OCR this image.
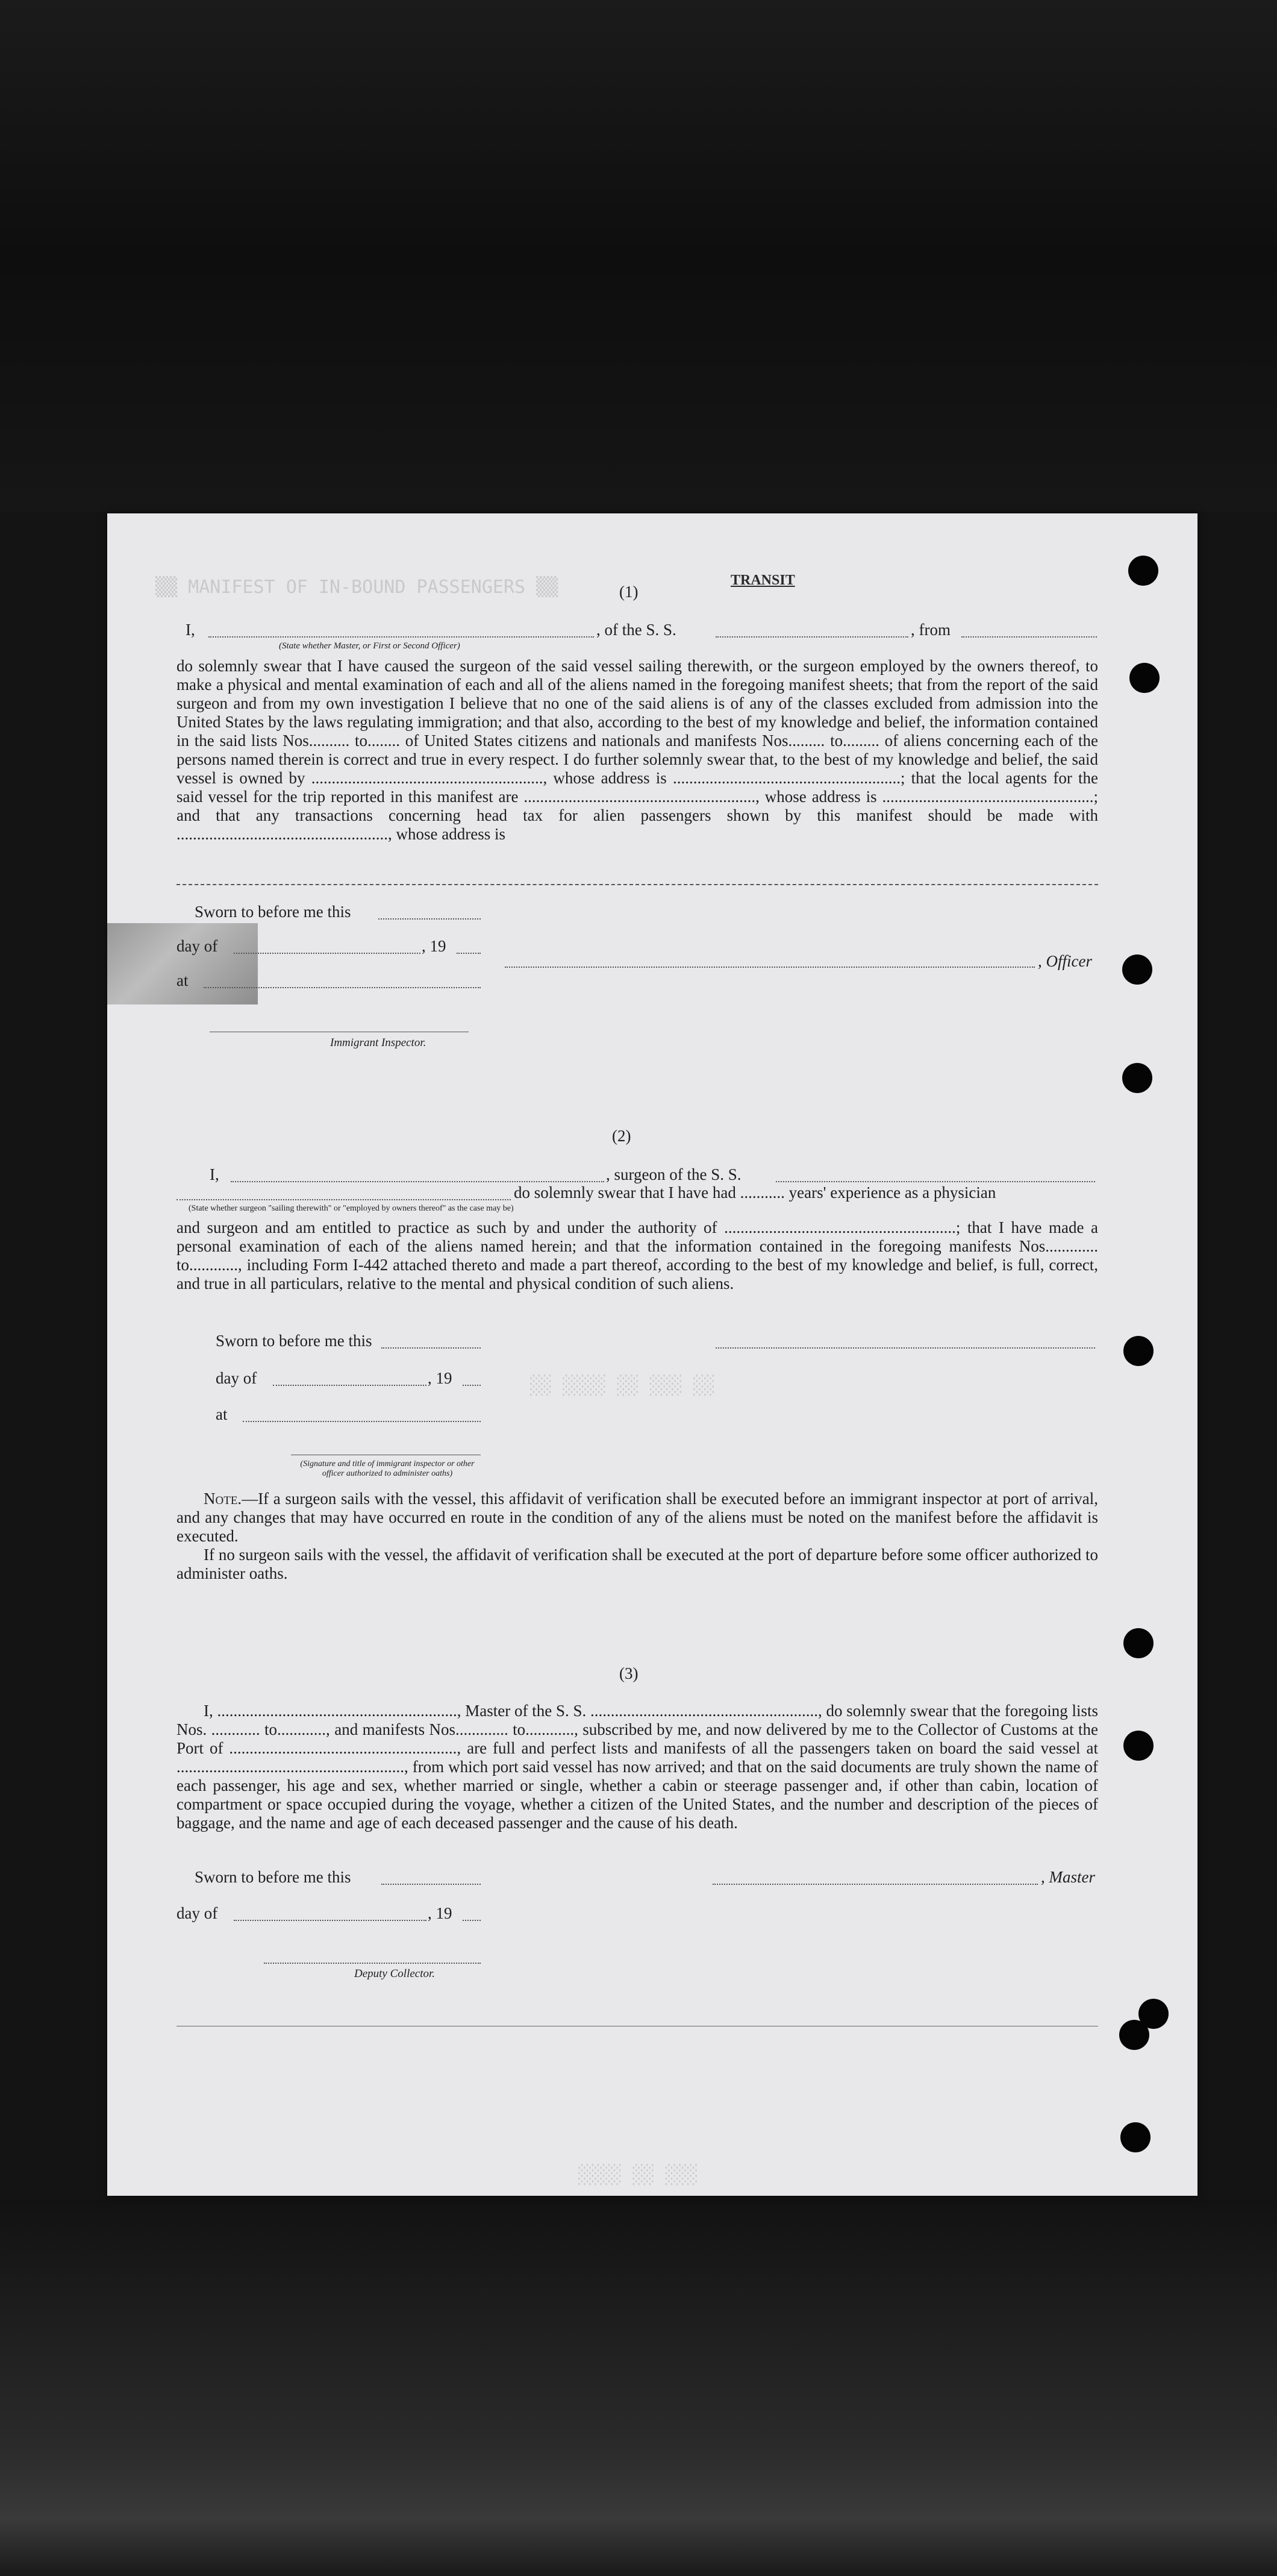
▒▒ MANIFEST OF IN-BOUND PASSENGERS ▒▒
░░ ░░░ ░░ ░░░░ ░░
░░░ ░░ ░░░░
(1)
TRANSIT
I,	, of the S. S.	, from
(State whether Master, or First or Second Officer)
do solemnly swear that I have caused the surgeon of the said vessel sailing therewith, or the surgeon employed by the owners thereof, to make a physical and mental examination of each and all of the aliens named in the foregoing manifest sheets; that from the report of the said surgeon and from my own investigation I believe that no one of the said aliens is of any of the classes excluded from admission into the United States by the laws regulating immigration; and that also, according to the best of my knowledge and belief, the information contained in the said lists Nos.......... to........ of United States citizens and nationals and manifests Nos......... to......... of aliens concerning each of the persons named therein is correct and true in every respect. I do further solemnly swear that, to the best of my knowledge and belief, the said vessel is owned by ........................................................., whose address is ........................................................; that the local agents for the said vessel for the trip reported in this manifest are ........................................................., whose address is ....................................................; and that any transactions concerning head tax for alien passengers shown by this manifest should be made with ...................................................., whose address is
Sworn to before me this
day of	, 19
at
, Officer
Immigrant Inspector.
(2)
I,	, surgeon of the S. S.
do solemnly swear that I have had ........... years' experience as a physician
(State whether surgeon "sailing therewith" or "employed by owners thereof" as the case may be)
and surgeon and am entitled to practice as such by and under the authority of .........................................................; that I have made a personal examination of each of the aliens named herein; and that the information contained in the foregoing manifests Nos............. to............, including Form I-442 attached thereto and made a part thereof, according to the best of my knowledge and belief, is full, correct, and true in all particulars, relative to the mental and physical condition of such aliens.
Sworn to before me this
day of	, 19
at
(Signature and title of immigrant inspector or other officer authorized to administer oaths)
Note.—If a surgeon sails with the vessel, this affidavit of verification shall be executed before an immigrant inspector at port of arrival, and any changes that may have occurred en route in the condition of any of the aliens must be noted on the manifest before the affidavit is executed.
If no surgeon sails with the vessel, the affidavit of verification shall be executed at the port of departure before some officer authorized to administer oaths.
(3)
I, ..........................................................., Master of the S. S. ........................................................, do solemnly swear that the foregoing lists Nos. ............ to............, and manifests Nos............. to............, subscribed by me, and now delivered by me to the Collector of Customs at the Port of ........................................................, are full and perfect lists and manifests of all the passengers taken on board the said vessel at ........................................................, from which port said vessel has now arrived; and that on the said documents are truly shown the name of each passenger, his age and sex, whether married or single, whether a cabin or steerage passenger and, if other than cabin, location of compartment or space occupied during the voyage, whether a citizen of the United States, and the number and description of the pieces of baggage, and the name and age of each deceased passenger and the cause of his death.
Sworn to before me this	, Master
day of	, 19
Deputy Collector.
